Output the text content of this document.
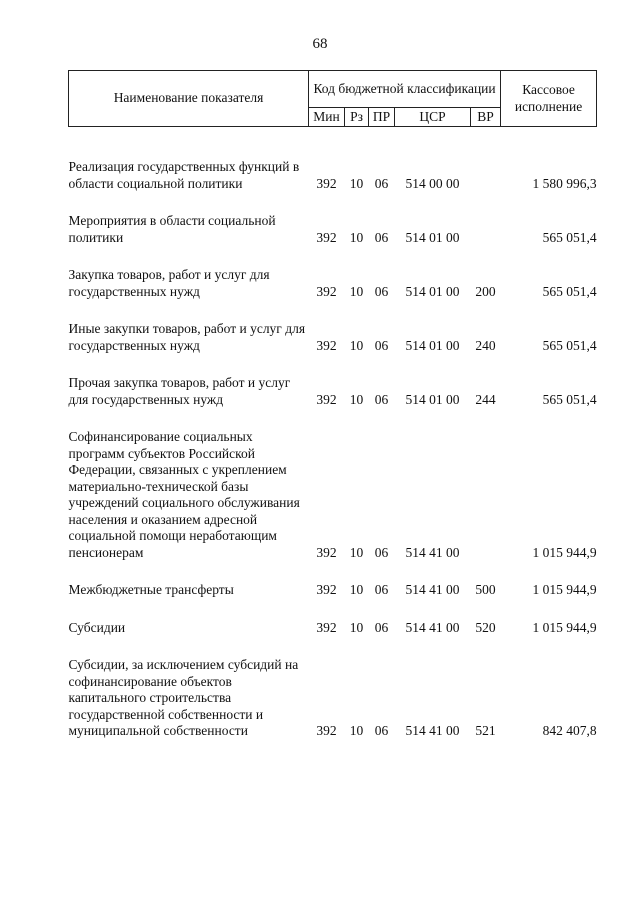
68
Наименование показателя	Код бюджетной классификации					Кассовое исполнение
	Мин	Рз	ПР	ЦСР	ВР	

Реализация государственных функций в области социальной политики	392	10	06	514 00 00		1 580 996,3

Мероприятия в области социальной политики	392	10	06	514 01 00		565 051,4

Закупка товаров, работ и услуг для государственных нужд	392	10	06	514 01 00	200	565 051,4

Иные закупки товаров, работ и услуг для государственных нужд	392	10	06	514 01 00	240	565 051,4

Прочая закупка товаров, работ и услуг для государственных нужд	392	10	06	514 01 00	244	565 051,4

Софинансирование социальных программ субъектов Российской Федерации, связанных с укреплением материально-технической базы учреждений социального обслуживания населения и оказанием адресной социальной помощи неработающим пенсионерам	392	10	06	514 41 00		1 015 944,9

Межбюджетные трансферты	392	10	06	514 41 00	500	1 015 944,9

Субсидии	392	10	06	514 41 00	520	1 015 944,9

Субсидии, за исключением субсидий на софинансирование объектов капитального строительства государственной собственности и муниципальной собственности	392	10	06	514 41 00	521	842 407,8
